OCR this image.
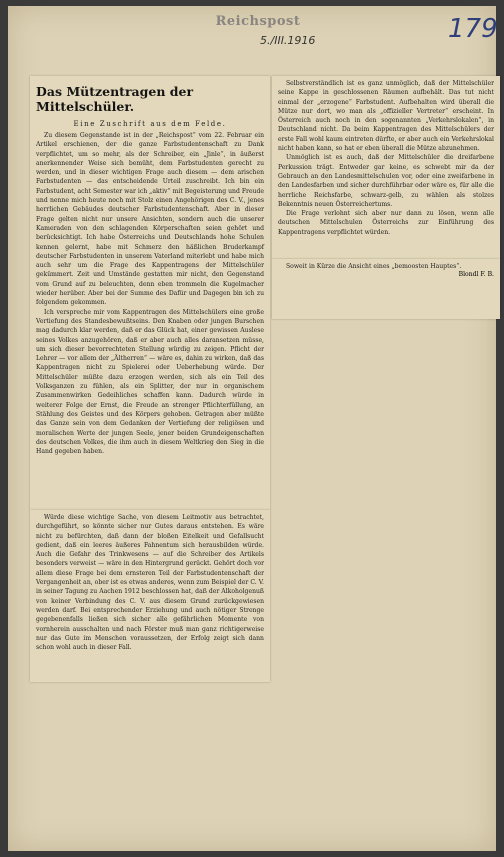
Reichspost
5./III.1916	179
Das Mützentragen der Mittelschüler.
Eine Zuschrift aus dem Felde.

Zu diesem Gegenstande ist in der „Reichspost“ vom 22. Februar ein Artikel erschienen, der die ganze Farbstudentenschaft zu Dank verpflichtet, um so mehr, als der Schreiber, ein „Jinle“, in äußerst anerkennender Weise sich bemüht, dem Farbstudenten gerecht zu werden, und in dieser wichtigen Frage auch diesem — dem arischen Farbstudenten — das entscheidende Urteil zuschreibt. Ich bin ein Farbstudent, acht Semester war ich „aktiv“ mit Begeisterung und Freude und nenne mich heute noch mit Stolz einen Angehörigen des C. V., jenes herrlichen Gebäudes deutscher Farbstudentenschaft. Aber in dieser Frage gelten nicht nur unsere Ansichten, sondern auch die unserer Kameraden von den schlagenden Körperschaften seien gehört und berücksichtigt. Ich habe Österreichs und Deutschlands hohe Schulen kennen gelernt, habe mit Schmerz den häßlichen Bruderkampf deutscher Farbstudenten in unserem Vaterland miterlebt und habe mich auch sehr um die Frage des Kappentragens der Mittelschüler gekümmert. Zeit und Umstände gestatten mir nicht, den Gegenstand vom Grund auf zu beleuchten, denn eben trommeln die Kugelmacher wieder herüber. Aber bei der Summe des Dafür und Dagegen bin ich zu folgendem gekommen.

Ich verspreche mir vom Kappentragen des Mittelschülers eine große Vertiefung des Standesbewußtseins. Den Knaben oder jungen Burschen mag dadurch klar werden, daß er das Glück hat, einer gewissen Auslese seines Volkes anzugehören, daß er aber auch alles daransetzen müsse, um sich dieser bevorrechteten Stellung würdig zu zeigen. Pflicht der Lehrer — vor allem der „Ältherren“ — wäre es, dahin zu wirken, daß das Kappentragen nicht zu Spielerei oder Ueberhebung würde. Der Mittelschüler müßte dazu erzogen werden, sich als ein Teil des Volksganzen zu fühlen, als ein Splitter, der nur in organischem Zusammenwirken Gedeihliches schaffen kann. Dadurch würde in weiterer Folge der Ernst, die Freude an strenger Pflichterfüllung, an Stählung des Geistes und des Körpers gehoben. Getragen aber müßte das Ganze sein von dem Gedanken der Vertiefung der religiösen und moralischen Werte der jungen Seele, jener beiden Grundeigenschaften des deutschen Volkes, die ihm auch in diesem Weltkrieg den Sieg in die Hand gegeben haben.

Würde diese wichtige Sache, von diesem Leitmotiv aus betrachtet, durchgeführt, so könnte sicher nur Gutes daraus entstehen. Es wäre nicht zu befürchten, daß dann der bloßen Eitelkeit und Gefallsucht gedient, daß ein leeres äußeres Fahnentum sich herausbilden würde. Auch die Gefahr des Trinkwesens — auf die Schreiber des Artikels besonders verweist — wäre in den Hintergrund gerückt. Gehört doch vor allem diese Frage bei dem ernsteren Teil der Farbstudentenschaft der Vergangenheit an, ober ist es etwas anderes, wenn zum Beispiel der C. V. in seiner Tagung zu Aachen 1912 beschlossen hat, daß der Alkoholgenuß von keiner Verbindung des C. V. aus diesem Grund zurückgewiesen werden darf. Bei entsprechender Erziehung und auch nötiger Strenge gegebenenfalls ließen sich sicher alle gefährlichen Momente von vornherein ausschalten und nach Förster muß man ganz richtigerweise nur das Gute im Menschen voraussetzen, der Erfolg zeigt sich dann schon wohl auch in dieser Fall.

Selbstverständlich ist es ganz unmöglich, daß der Mittelschüler seine Kappe in geschlossenen Räumen aufbehält. Das tut nicht einmal der „erzogene“ Farbstudent. Aufbehalten wird überall die Mütze nur dort, wo man als „offizieller Vertreter“ erscheint. In Österreich auch noch in den sogenannten „Verkehrslokalen“, in Deutschland nicht. Da beim Kappentragen des Mittelschülers der erste Fall wohl kaum eintreten dürfte, er aber auch ein Verkehrslokal nicht haben kann, so hat er eben überall die Mütze abzunehmen.

Unmöglich ist es auch, daß der Mittelschüler die dreifarbene Perkussion trägt. Entweder gar keine, es schwebt mir da der Gebrauch an den Landesmittelschulen vor, oder eine zweifarbene in den Landesfarben und sicher durchführbar oder wäre es, für alle die herrliche Reichsfarbe, schwarz-gelb, zu wählen als stolzes Bekenntnis neuen Österreichertums.

Die Frage verlohnt sich aber nur dann zu lösen, wenn alle deutschen Mittelschulen Österreichs zur Einführung des Kappentragens verpflichtet würden.

Soweit in Kürze die Ansicht eines „bemoosten Hauptes“.

Blondl F. B.
